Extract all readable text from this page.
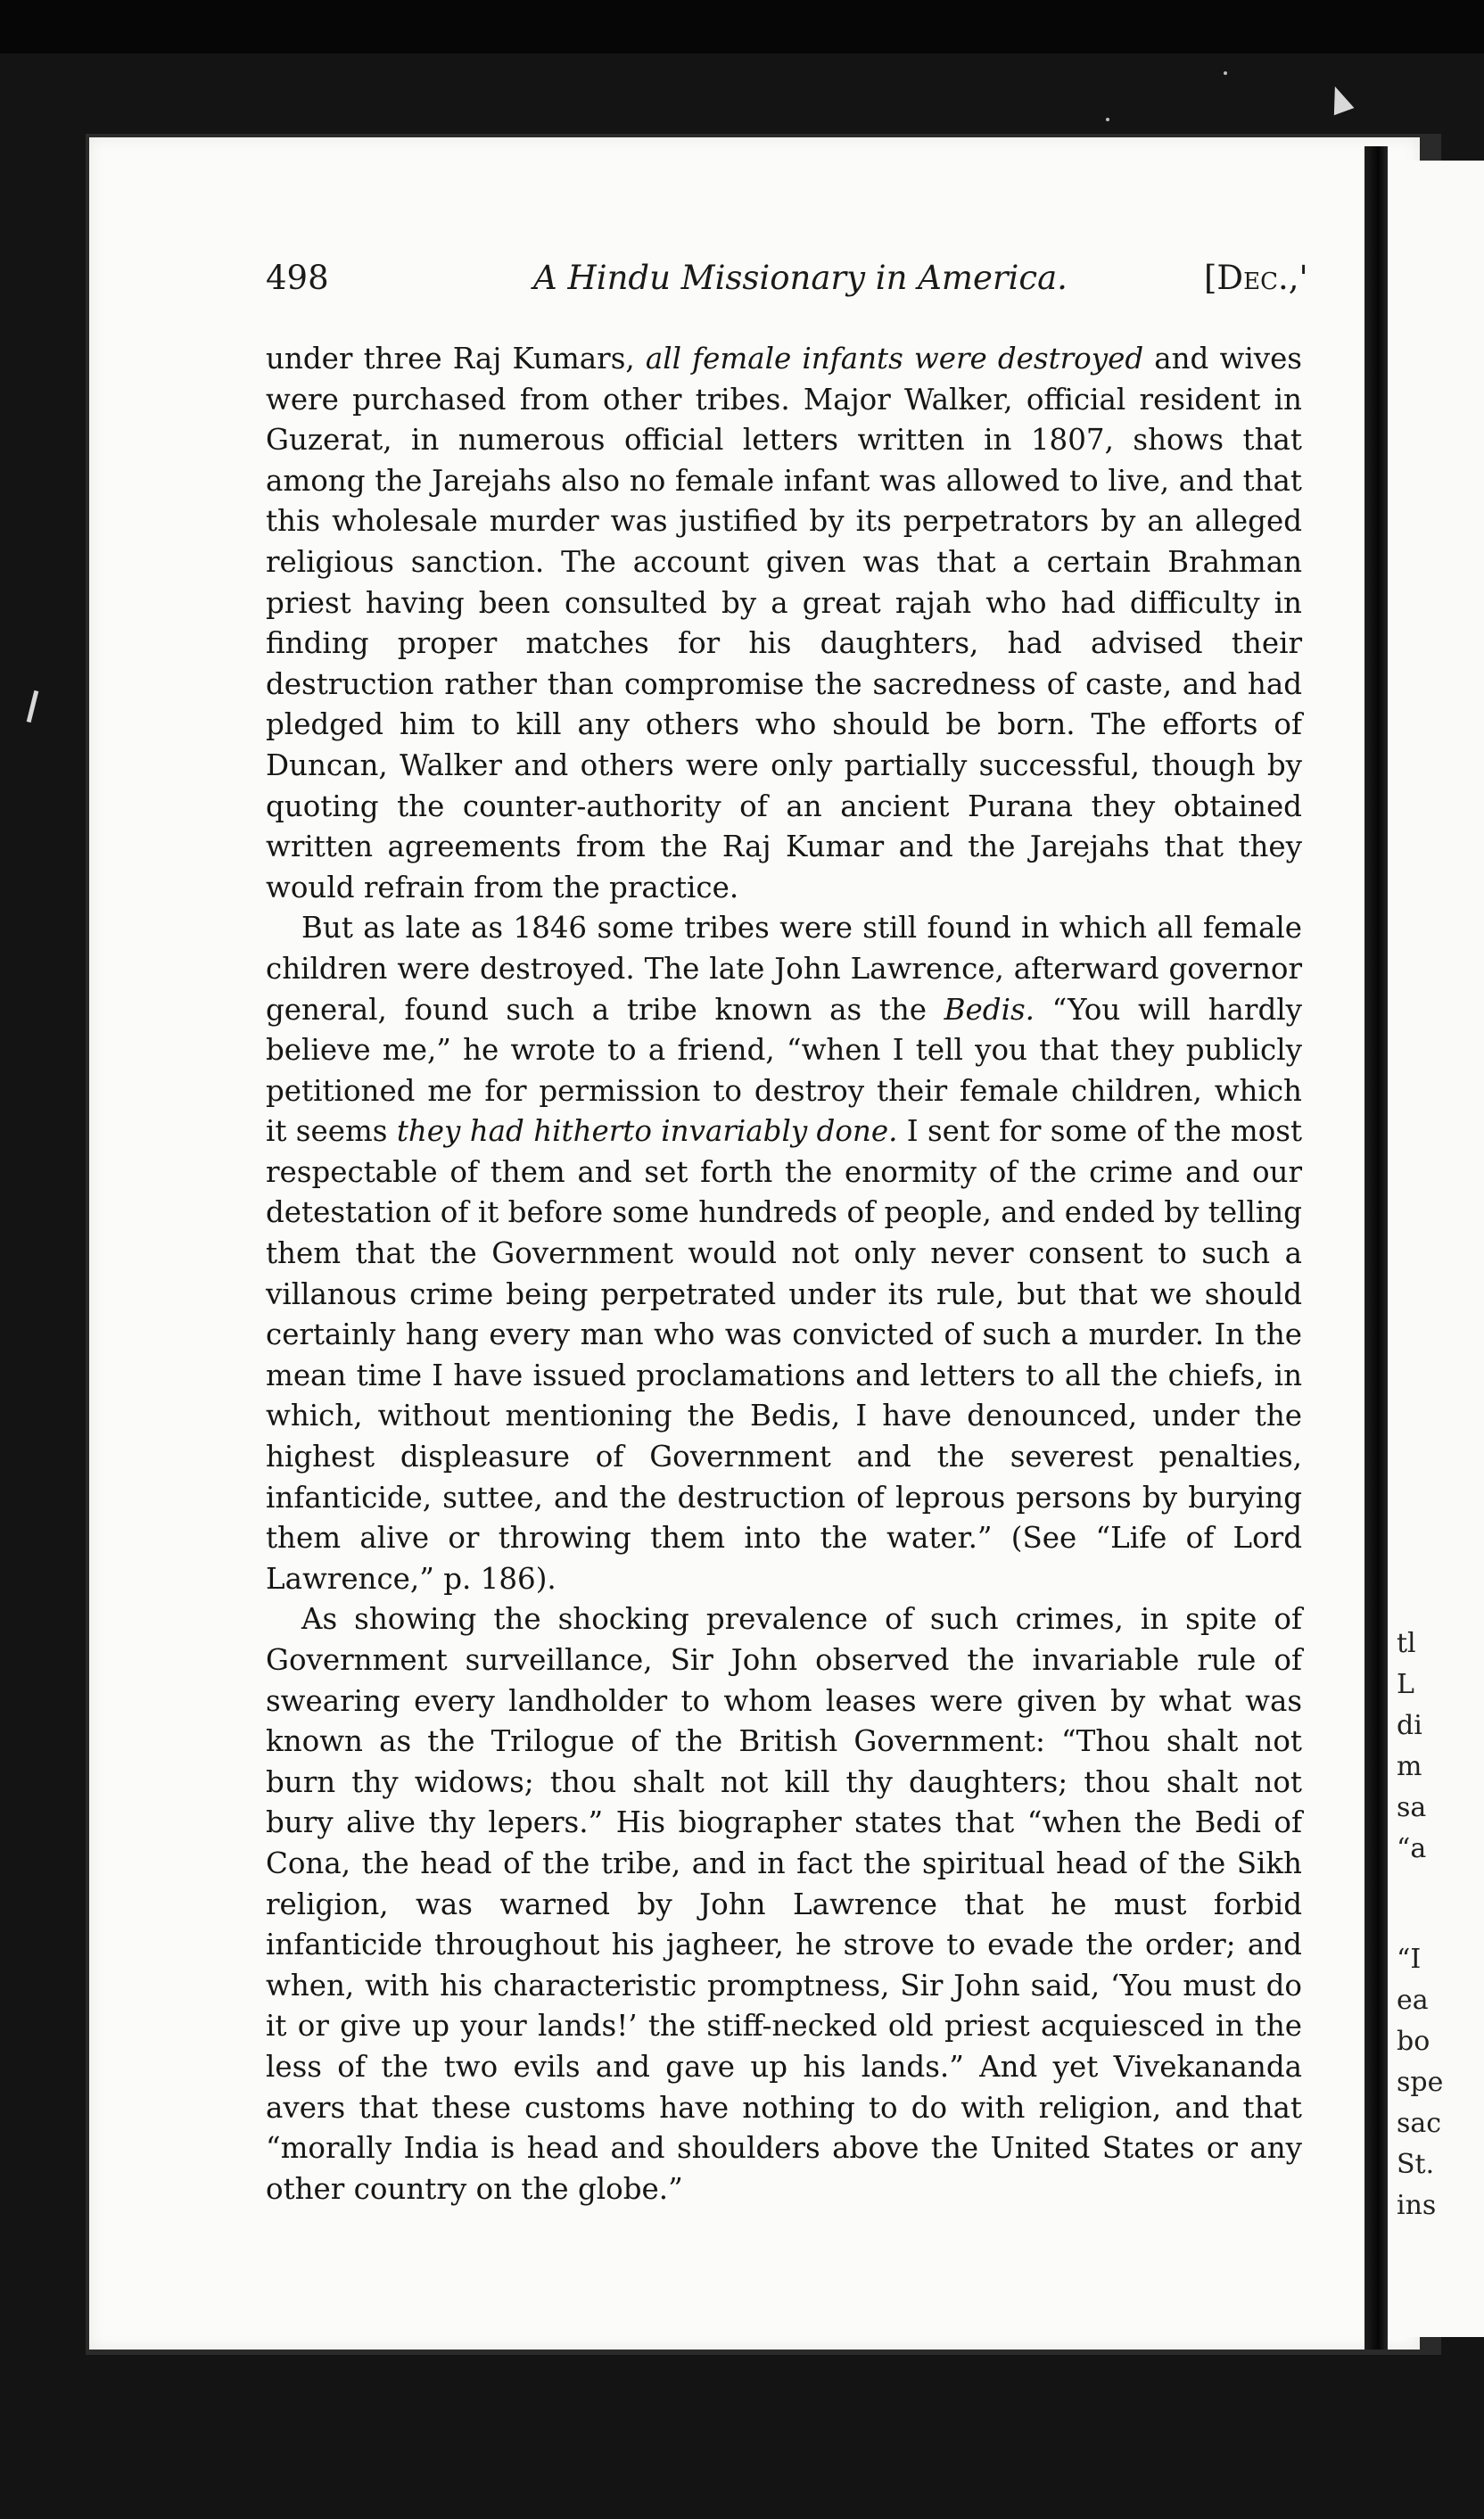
498	A Hindu Missionary in America.	[Dec.,'

under three Raj Kumars, all female infants were destroyed and wives were purchased from other tribes. Major Walker, official resident in Guzerat, in numerous official letters written in 1807, shows that among the Jarejahs also no female infant was allowed to live, and that this wholesale murder was justified by its perpetrators by an alleged religious sanction. The account given was that a certain Brahman priest having been consulted by a great rajah who had difficulty in finding proper matches for his daughters, had advised their destruction rather than compromise the sacredness of caste, and had pledged him to kill any others who should be born. The efforts of Duncan, Walker and others were only partially successful, though by quoting the counter-authority of an ancient Purana they obtained written agreements from the Raj Kumar and the Jarejahs that they would refrain from the practice.

But as late as 1846 some tribes were still found in which all female children were destroyed. The late John Lawrence, afterward governor general, found such a tribe known as the Bedis. “You will hardly believe me,” he wrote to a friend, “when I tell you that they publicly petitioned me for permission to destroy their female children, which it seems they had hitherto invariably done. I sent for some of the most respectable of them and set forth the enormity of the crime and our detestation of it before some hundreds of people, and ended by telling them that the Government would not only never consent to such a villanous crime being perpetrated under its rule, but that we should certainly hang every man who was convicted of such a murder. In the mean time I have issued proclamations and letters to all the chiefs, in which, without mentioning the Bedis, I have denounced, under the highest displeasure of Government and the severest penalties, infanticide, suttee, and the destruction of leprous persons by burying them alive or throwing them into the water.” (See “Life of Lord Lawrence,” p. 186).

As showing the shocking prevalence of such crimes, in spite of Government surveillance, Sir John observed the invariable rule of swearing every landholder to whom leases were given by what was known as the Trilogue of the British Government: “Thou shalt not burn thy widows; thou shalt not kill thy daughters; thou shalt not bury alive thy lepers.” His biographer states that “when the Bedi of Cona, the head of the tribe, and in fact the spiritual head of the Sikh religion, was warned by John Lawrence that he must forbid infanticide throughout his jagheer, he strove to evade the order; and when, with his characteristic promptness, Sir John said, ‘You must do it or give up your lands!’ the stiff-necked old priest acquiesced in the less of the two evils and gave up his lands.” And yet Vivekananda avers that these customs have nothing to do with religion, and that “morally India is head and shoulders above the United States or any other country on the globe.”

tl
L
di
m
sa
“a
“I
ea
bo
spe
sac
St.
ins
